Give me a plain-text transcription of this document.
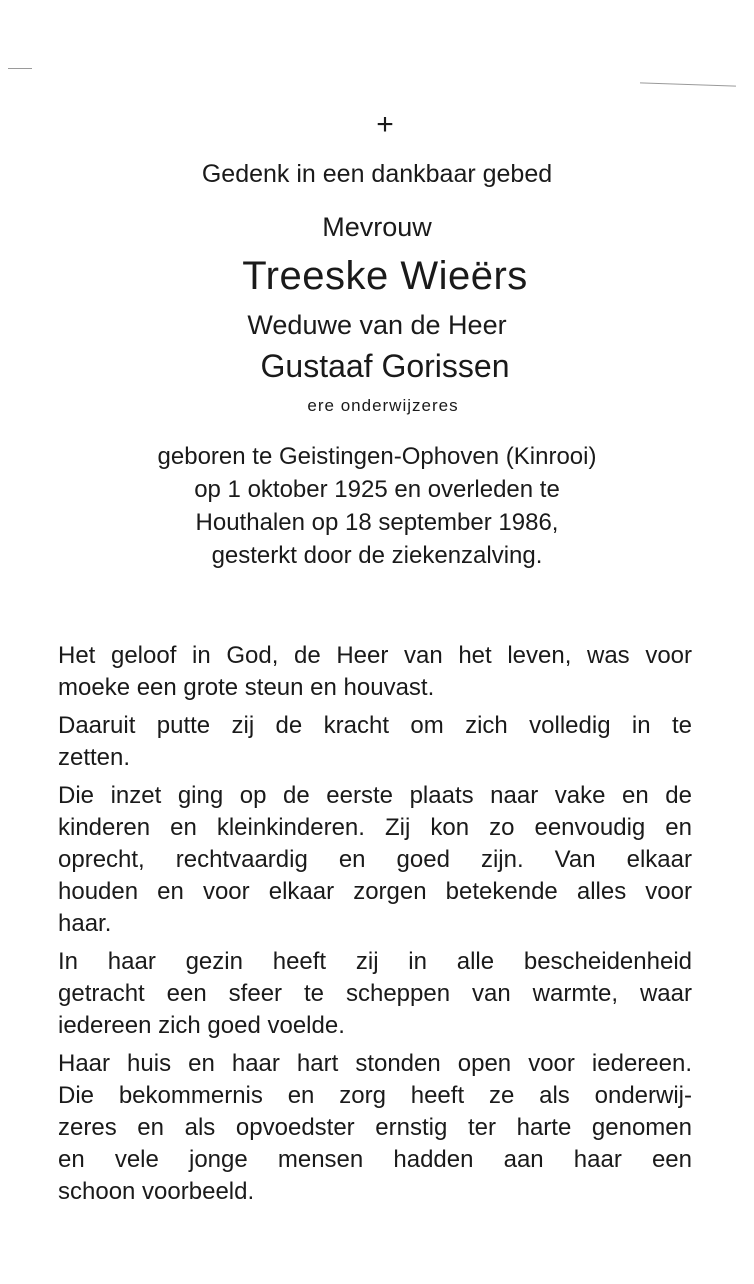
+
Gedenk in een dankbaar gebed
Mevrouw
Treeske Wieërs
Weduwe van de Heer
Gustaaf Gorissen
ere onderwijzeres
geboren te Geistingen-Ophoven (Kinrooi)
op 1 oktober 1925 en overleden te
Houthalen op 18 september 1986,
gesterkt door de ziekenzalving.

Het geloof in God, de Heer van het leven, was voor
moeke een grote steun en houvast.

Daaruit putte zij de kracht om zich volledig in te
zetten.

Die inzet ging op de eerste plaats naar vake en de
kinderen en kleinkinderen. Zij kon zo eenvoudig en
oprecht, rechtvaardig en goed zijn. Van elkaar
houden en voor elkaar zorgen betekende alles voor
haar.

In haar gezin heeft zij in alle bescheidenheid
getracht een sfeer te scheppen van warmte, waar
iedereen zich goed voelde.

Haar huis en haar hart stonden open voor iedereen.
Die bekommernis en zorg heeft ze als onderwij-
zeres en als opvoedster ernstig ter harte genomen
en vele jonge mensen hadden aan haar een
schoon voorbeeld.
